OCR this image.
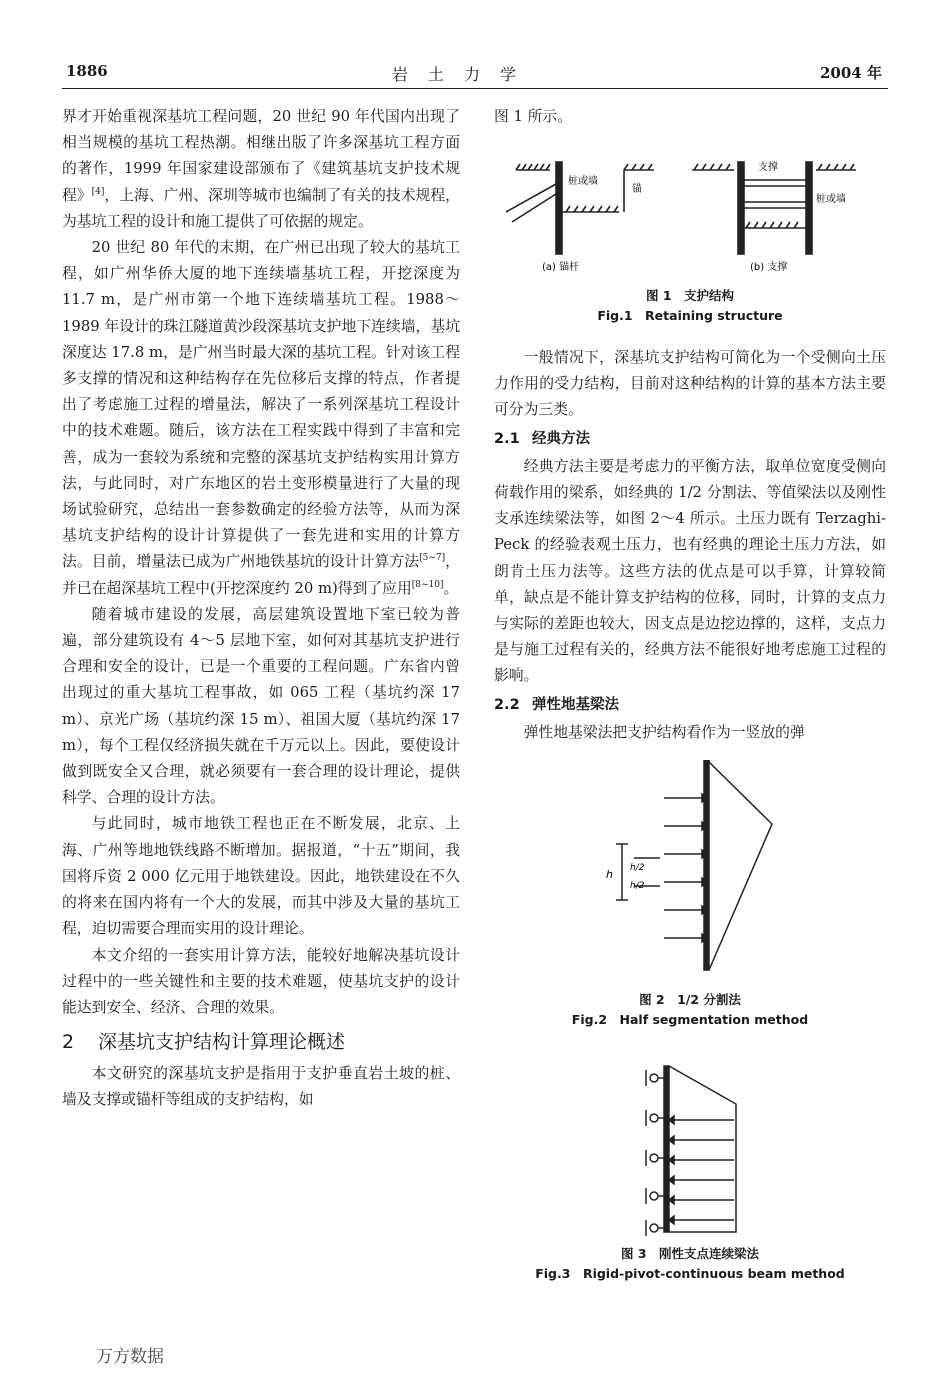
1886	岩　土　力　学	2004 年

界才开始重视深基坑工程问题，20 世纪 90 年代国内出现了相当规模的基坑工程热潮。相继出版了许多深基坑工程方面的著作，1999 年国家建设部颁布了《建筑基坑支护技术规程》[4]，上海、广州、深圳等城市也编制了有关的技术规程，为基坑工程的设计和施工提供了可依据的规定。

20 世纪 80 年代的末期，在广州已出现了较大的基坑工程，如广州华侨大厦的地下连续墙基坑工程，开挖深度为 11.7 m，是广州市第一个地下连续墙基坑工程。1988～1989 年设计的珠江隧道黄沙段深基坑支护地下连续墙，基坑深度达 17.8 m，是广州当时最大深的基坑工程。针对该工程多支撑的情况和这种结构存在先位移后支撑的特点，作者提出了考虑施工过程的增量法，解决了一系列深基坑工程设计中的技术难题。随后，该方法在工程实践中得到了丰富和完善，成为一套较为系统和完整的深基坑支护结构实用计算方法，与此同时，对广东地区的岩土变形模量进行了大量的现场试验研究，总结出一套参数确定的经验方法等，从而为深基坑支护结构的设计计算提供了一套先进和实用的计算方法。目前，增量法已成为广州地铁基坑的设计计算方法[5~7]，并已在超深基坑工程中(开挖深度约 20 m)得到了应用[8~10]。

随着城市建设的发展，高层建筑设置地下室已较为普遍，部分建筑设有 4～5 层地下室，如何对其基坑支护进行合理和安全的设计，已是一个重要的工程问题。广东省内曾出现过的重大基坑工程事故，如 065 工程（基坑约深 17 m）、京光广场（基坑约深 15 m）、祖国大厦（基坑约深 17 m），每个工程仅经济损失就在千万元以上。因此，要使设计做到既安全又合理，就必须要有一套合理的设计理论，提供科学、合理的设计方法。

与此同时，城市地铁工程也正在不断发展，北京、上海、广州等地地铁线路不断增加。据报道，“十五”期间，我国将斥资 2 000 亿元用于地铁建设。因此，地铁建设在不久的将来在国内将有一个大的发展，而其中涉及大量的基坑工程，迫切需要合理而实用的设计理论。

本文介绍的一套实用计算方法，能较好地解决基坑设计过程中的一些关键性和主要的技术难题，使基坑支护的设计能达到安全、经济、合理的效果。

2 深基坑支护结构计算理论概述

本文研究的深基坑支护是指用于支护垂直岩土坡的桩、墙及支撑或锚杆等组成的支护结构，如

图 1 所示。

桩或墙
锚
(a) 锚杆
支撑
桩或墙
(b) 支撑
图 1　支护结构
Fig.1　Retaining structure

一般情况下，深基坑支护结构可简化为一个受侧向土压力作用的受力结构，目前对这种结构的计算的基本方法主要可分为三类。

2.1 经典方法

经典方法主要是考虑力的平衡方法，取单位宽度受侧向荷载作用的梁系，如经典的 1/2 分割法、等值梁法以及刚性支承连续梁法等，如图 2～4 所示。土压力既有 Terzaghi-Peck 的经验表观土压力，也有经典的理论土压力方法，如朗肯土压力法等。这些方法的优点是可以手算，计算较简单，缺点是不能计算支护结构的位移，同时，计算的支点力与实际的差距也较大，因支点是边挖边撑的，这样，支点力是与施工过程有关的，经典方法不能很好地考虑施工过程的影响。

2.2 弹性地基梁法

弹性地基梁法把支护结构看作为一竖放的弹

h h/2
h/2
图 2　1/2 分割法
Fig.2　Half segmentation method
图 3　刚性支点连续梁法
Fig.3　Rigid-pivot-continuous beam method
万方数据
